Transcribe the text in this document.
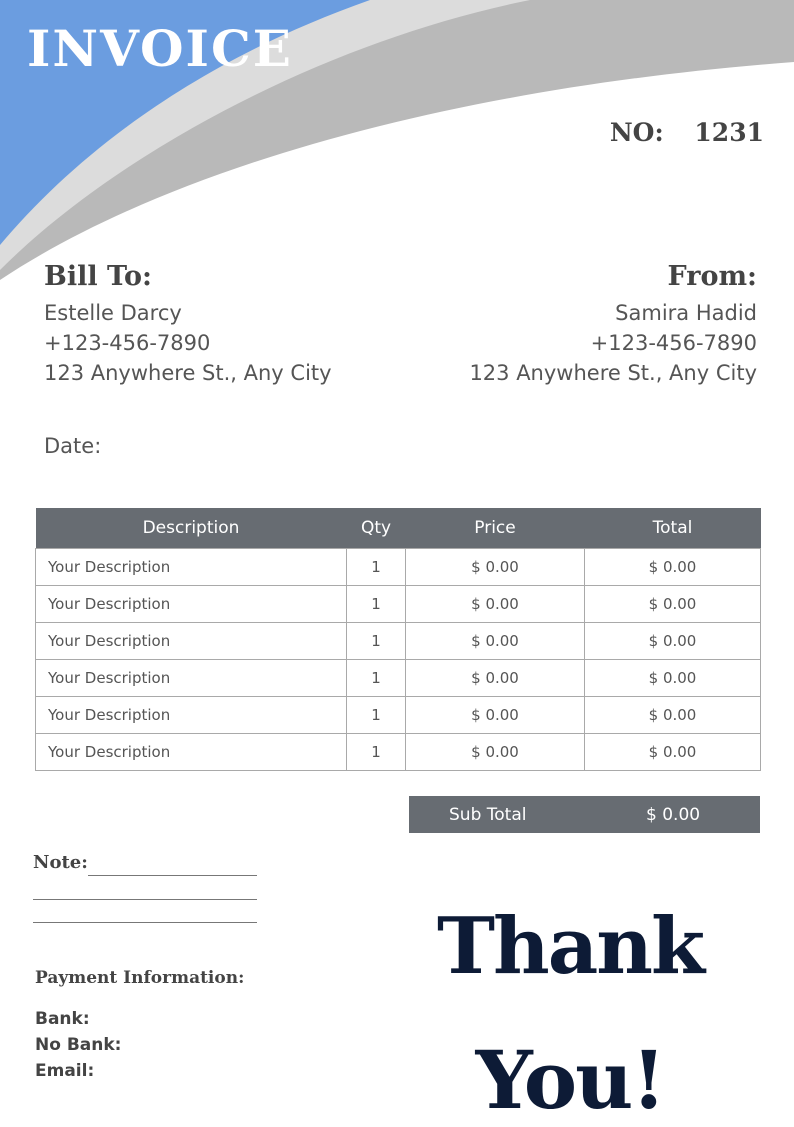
INVOICE
NO: 1231
Bill To:
Estelle Darcy
+123-456-7890
123 Anywhere St., Any City
From:
Samira Hadid
+123-456-7890
123 Anywhere St., Any City
Date:
Description	Qty	Price	Total
Your Description	1	$ 0.00	$ 0.00
Your Description	1	$ 0.00	$ 0.00
Your Description	1	$ 0.00	$ 0.00
Your Description	1	$ 0.00	$ 0.00
Your Description	1	$ 0.00	$ 0.00
Your Description	1	$ 0.00	$ 0.00
Sub Total	$ 0.00
Note:
Payment Information:
Bank:
No Bank:
Email:
Thank
You!
